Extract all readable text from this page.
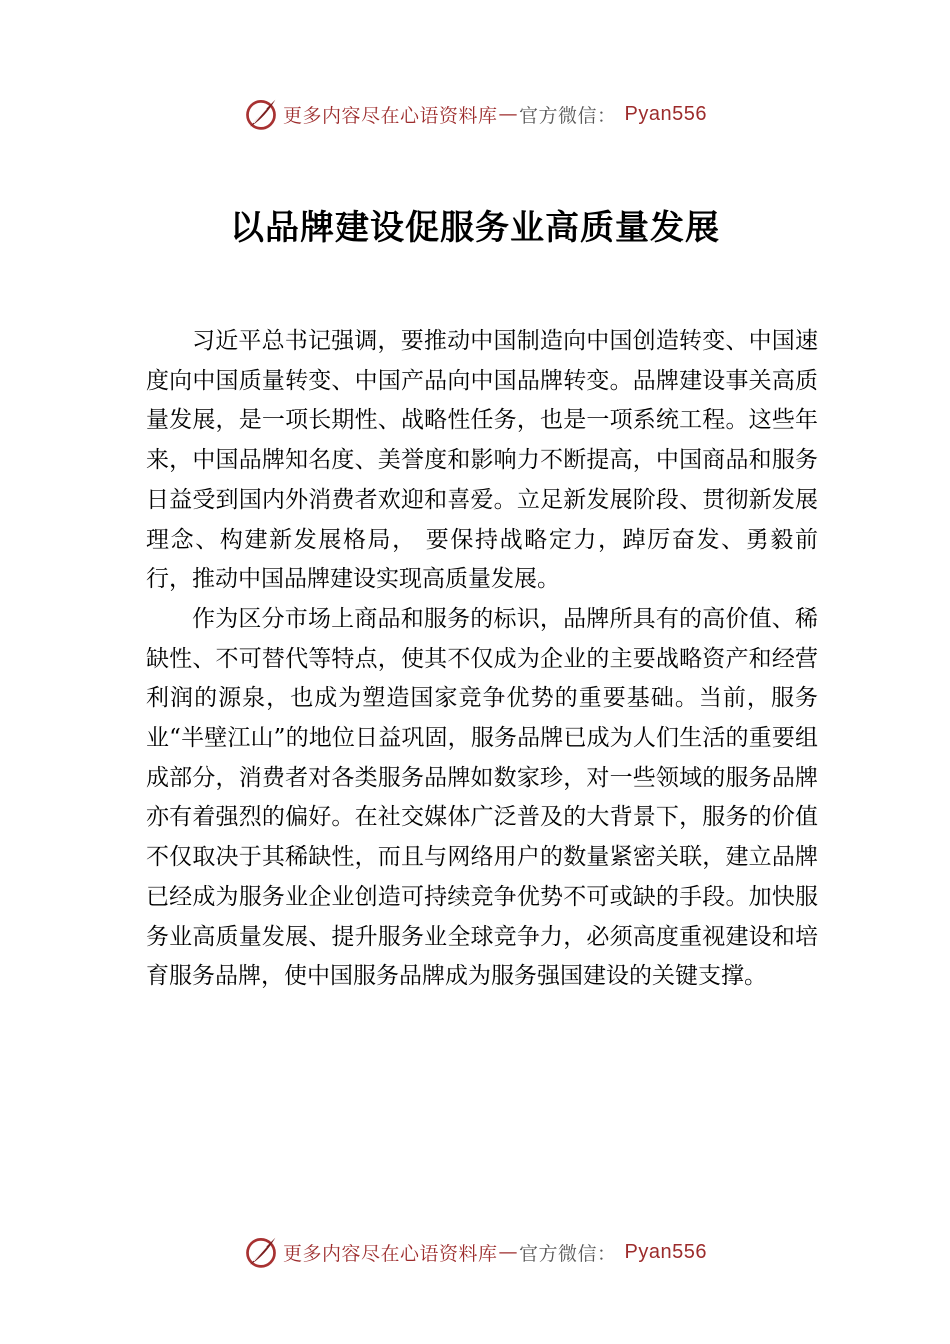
更多内容尽在心语资料库 — 官方微信： Pyan556
以品牌建设促服务业高质量发展

习近平总书记强调，要推动中国制造向中国创造转变、中国速度向中国质量转变、中国产品向中国品牌转变。品牌建设事关高质量发展，是一项长期性、战略性任务，也是一项系统工程。这些年来，中国品牌知名度、美誉度和影响力不断提高，中国商品和服务日益受到国内外消费者欢迎和喜爱。立足新发展阶段、贯彻新发展理念、构建新发展格局， 要保持战略定力，踔厉奋发、勇毅前行，推动中国品牌建设实现高质量发展。

作为区分市场上商品和服务的标识，品牌所具有的高价值、稀缺性、不可替代等特点，使其不仅成为企业的主要战略资产和经营利润的源泉，也成为塑造国家竞争优势的重要基础。当前，服务业“半壁江山”的地位日益巩固，服务品牌已成为人们生活的重要组成部分，消费者对各类服务品牌如数家珍，对一些领域的服务品牌亦有着强烈的偏好。在社交媒体广泛普及的大背景下，服务的价值不仅取决于其稀缺性，而且与网络用户的数量紧密关联，建立品牌已经成为服务业企业创造可持续竞争优势不可或缺的手段。加快服务业高质量发展、提升服务业全球竞争力，必须高度重视建设和培育服务品牌，使中国服务品牌成为服务强国建设的关键支撑。

更多内容尽在心语资料库 — 官方微信： Pyan556
